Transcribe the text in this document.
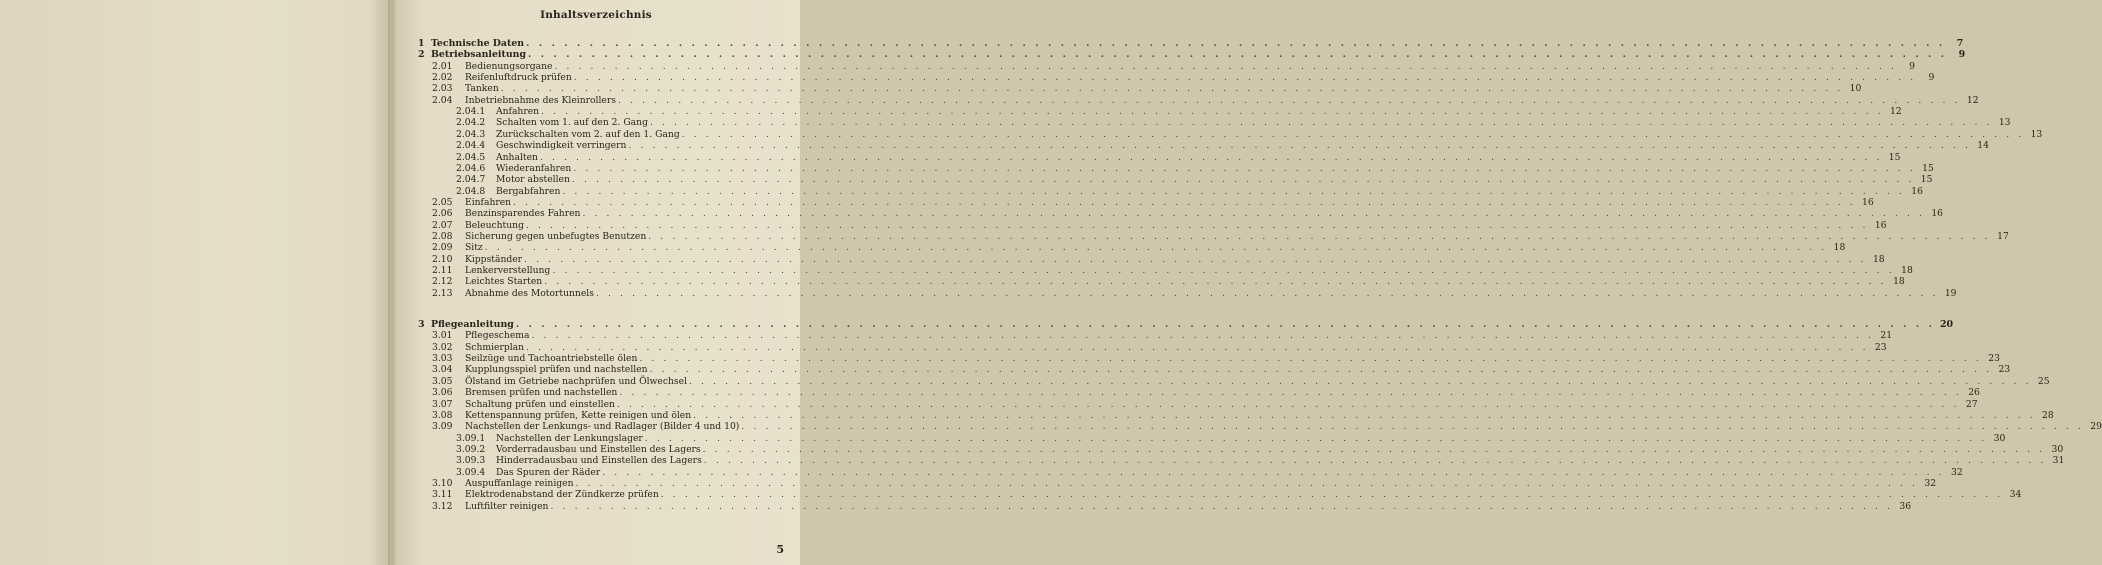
Inhaltsverzeichnis
1 Technische Daten . . .	7
2 Betriebsanleitung . . .	9
2.01	Bedienungsorgane . . .	9
2.02	Reifenluftdruck prüfen . . .	9
2.03	Tanken . . .	10
2.04	Inbetriebnahme des Kleinrollers . . .	12
2.04.1	Anfahren . . .	12
2.04.2	Schalten vom 1. auf den 2. Gang . . .	13
2.04.3	Zurückschalten vom 2. auf den 1. Gang . . .	13
2.04.4	Geschwindigkeit verringern . . .	14
2.04.5	Anhalten . . .	15
2.04.6	Wiederanfahren . . .	15
2.04.7	Motor abstellen . . .	15
2.04.8	Bergabfahren . . .	16
2.05	Einfahren . . .	16
2.06	Benzinsparendes Fahren . . .	16
2.07	Beleuchtung . . .	16
2.08	Sicherung gegen unbefugtes Benutzen . . .	17
2.09	Sitz . . .	18
2.10	Kippständer . . .	18
2.11	Lenkerverstellung . . .	18
2.12	Leichtes Starten . . .	18
2.13	Abnahme des Motortunnels . . .	19
3 Pflegeanleitung . . .	20
3.01	Pflegeschema . . .	21
3.02	Schmierplan . . .	23
3.03	Seilzüge und Tachoantriebstelle ölen . . .	23
3.04	Kupplungsspiel prüfen und nachstellen . . .	23
3.05	Ölstand im Getriebe nachprüfen und Ölwechsel . . .	25
3.06	Bremsen prüfen und nachstellen . . .	26
3.07	Schaltung prüfen und einstellen . . .	27
3.08	Kettenspannung prüfen, Kette reinigen und ölen . . .	28
3.09	Nachstellen der Lenkungs- und Radlager (Bilder 4 und 10) . . .	29
3.09.1	Nachstellen der Lenkungslager . . .	30
3.09.2	Vorderradausbau und Einstellen des Lagers . . .	30
3.09.3	Hinderradausbau und Einstellen des Lagers . . .	31
3.09.4	Das Spuren der Räder . . .	32
3.10	Auspuffanlage reinigen . . .	32
3.11	Elektrodenabstand der Zündkerze prüfen . . .	34
3.12	Luftfilter reinigen . . .	36
5
